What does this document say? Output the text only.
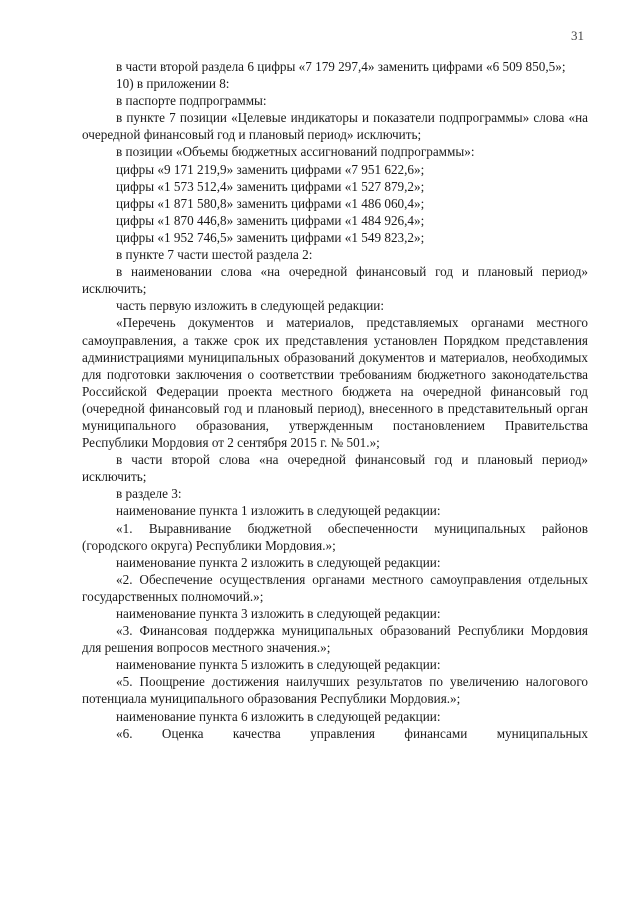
31

в части второй раздела 6 цифры «7 179 297,4» заменить цифрами «6 509 850,5»;

10) в приложении 8:

в паспорте подпрограммы:

в пункте 7 позиции «Целевые индикаторы и показатели подпрограммы» слова «на очередной финансовый год и плановый период» исключить;

в позиции «Объемы бюджетных ассигнований подпрограммы»:

цифры «9 171 219,9» заменить цифрами «7 951 622,6»;

цифры «1 573 512,4» заменить цифрами «1 527 879,2»;

цифры «1 871 580,8» заменить цифрами «1 486 060,4»;

цифры «1 870 446,8» заменить цифрами «1 484 926,4»;

цифры «1 952 746,5» заменить цифрами «1 549 823,2»;

в пункте 7 части шестой раздела 2:

в наименовании слова «на очередной финансовый год и плановый период» исключить;

часть первую изложить в следующей редакции:

«Перечень документов и материалов, представляемых органами местного самоуправления, а также срок их представления установлен Порядком представления администрациями муниципальных образований документов и материалов, необходимых для подготовки заключения о соответствии требованиям бюджетного законодательства Российской Федерации проекта местного бюджета на очередной финансовый год (очередной финансовый год и плановый период), внесенного в представительный орган муниципального образования, утвержденным постановлением Правительства Республики Мордовия от 2 сентября 2015 г. № 501.»;

в части второй слова «на очередной финансовый год и плановый период» исключить;

в разделе 3:

наименование пункта 1 изложить в следующей редакции:

«1. Выравнивание бюджетной обеспеченности муниципальных районов (городского округа) Республики Мордовия.»;

наименование пункта 2 изложить в следующей редакции:

«2. Обеспечение осуществления органами местного самоуправления отдельных государственных полномочий.»;

наименование пункта 3 изложить в следующей редакции:

«3. Финансовая поддержка муниципальных образований Республики Мордовия для решения вопросов местного значения.»;

наименование пункта 5 изложить в следующей редакции:

«5. Поощрение достижения наилучших результатов по увеличению налогового потенциала муниципального образования Республики Мордовия.»;

наименование пункта 6 изложить в следующей редакции:

«6. Оценка качества управления финансами муниципальных
